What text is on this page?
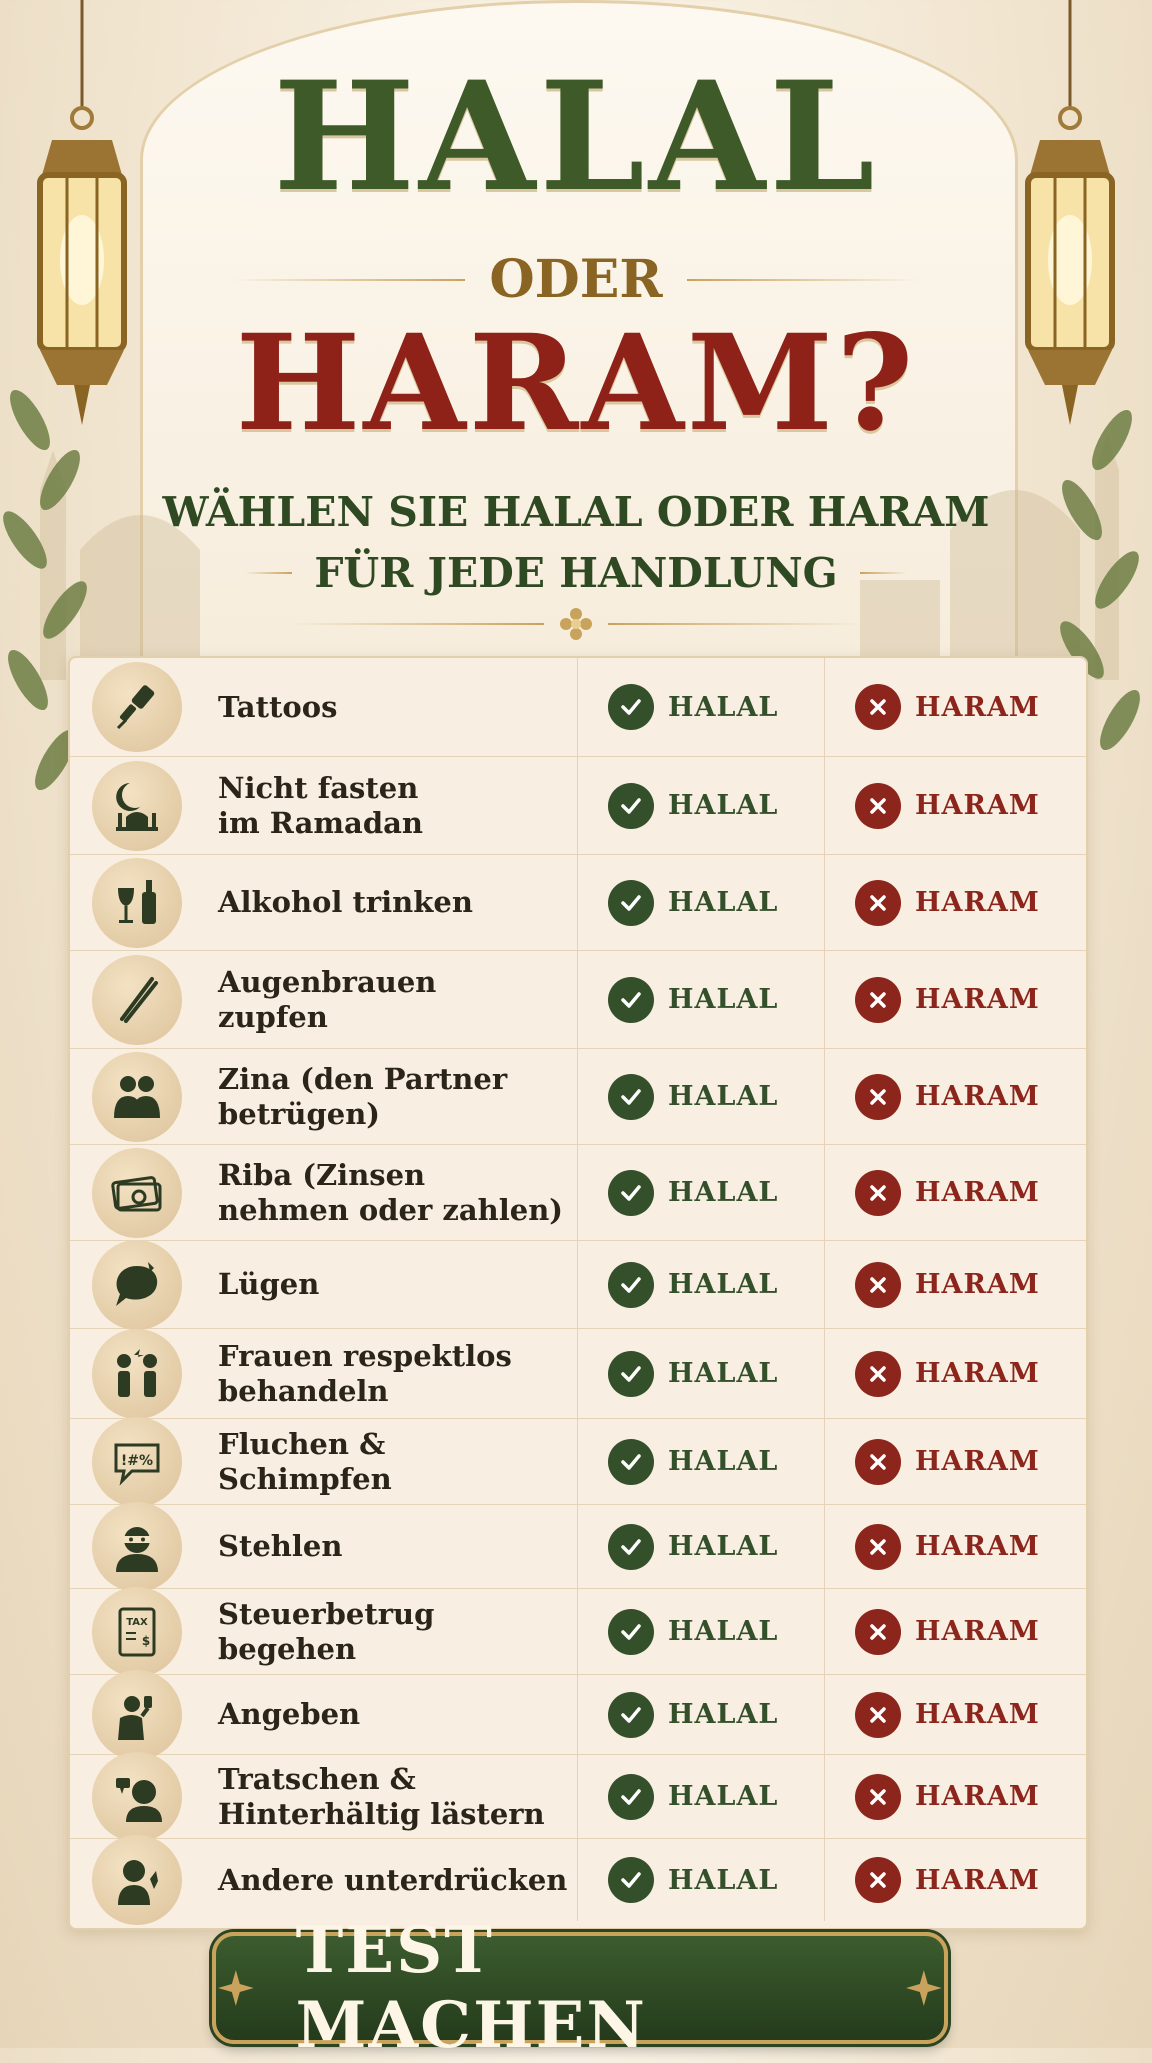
HALAL
ODER
HARAM?
WÄHLEN SIE HALAL ODER HARAM
FÜR JEDE HANDLUNG
Tattoos	HALAL	HARAM
Nicht fasten
im Ramadan	HALAL	HARAM
Alkohol trinken	HALAL	HARAM
Augenbrauen
zupfen	HALAL	HARAM
Zina (den Partner
betrügen)	HALAL	HARAM
Riba (Zinsen
nehmen oder zahlen)	HALAL	HARAM
Lügen	HALAL	HARAM
Frauen respektlos
behandeln	HALAL	HARAM
!#% Fluchen &
Schimpfen	HALAL	HARAM
Stehlen	HALAL	HARAM
TAX
$
Steuerbetrug
begehen	HALAL	HARAM
Angeben	HALAL	HARAM
Tratschen &
Hinterhältig lästern	HALAL	HARAM
Andere unterdrücken	HALAL	HARAM
TEST MACHEN
